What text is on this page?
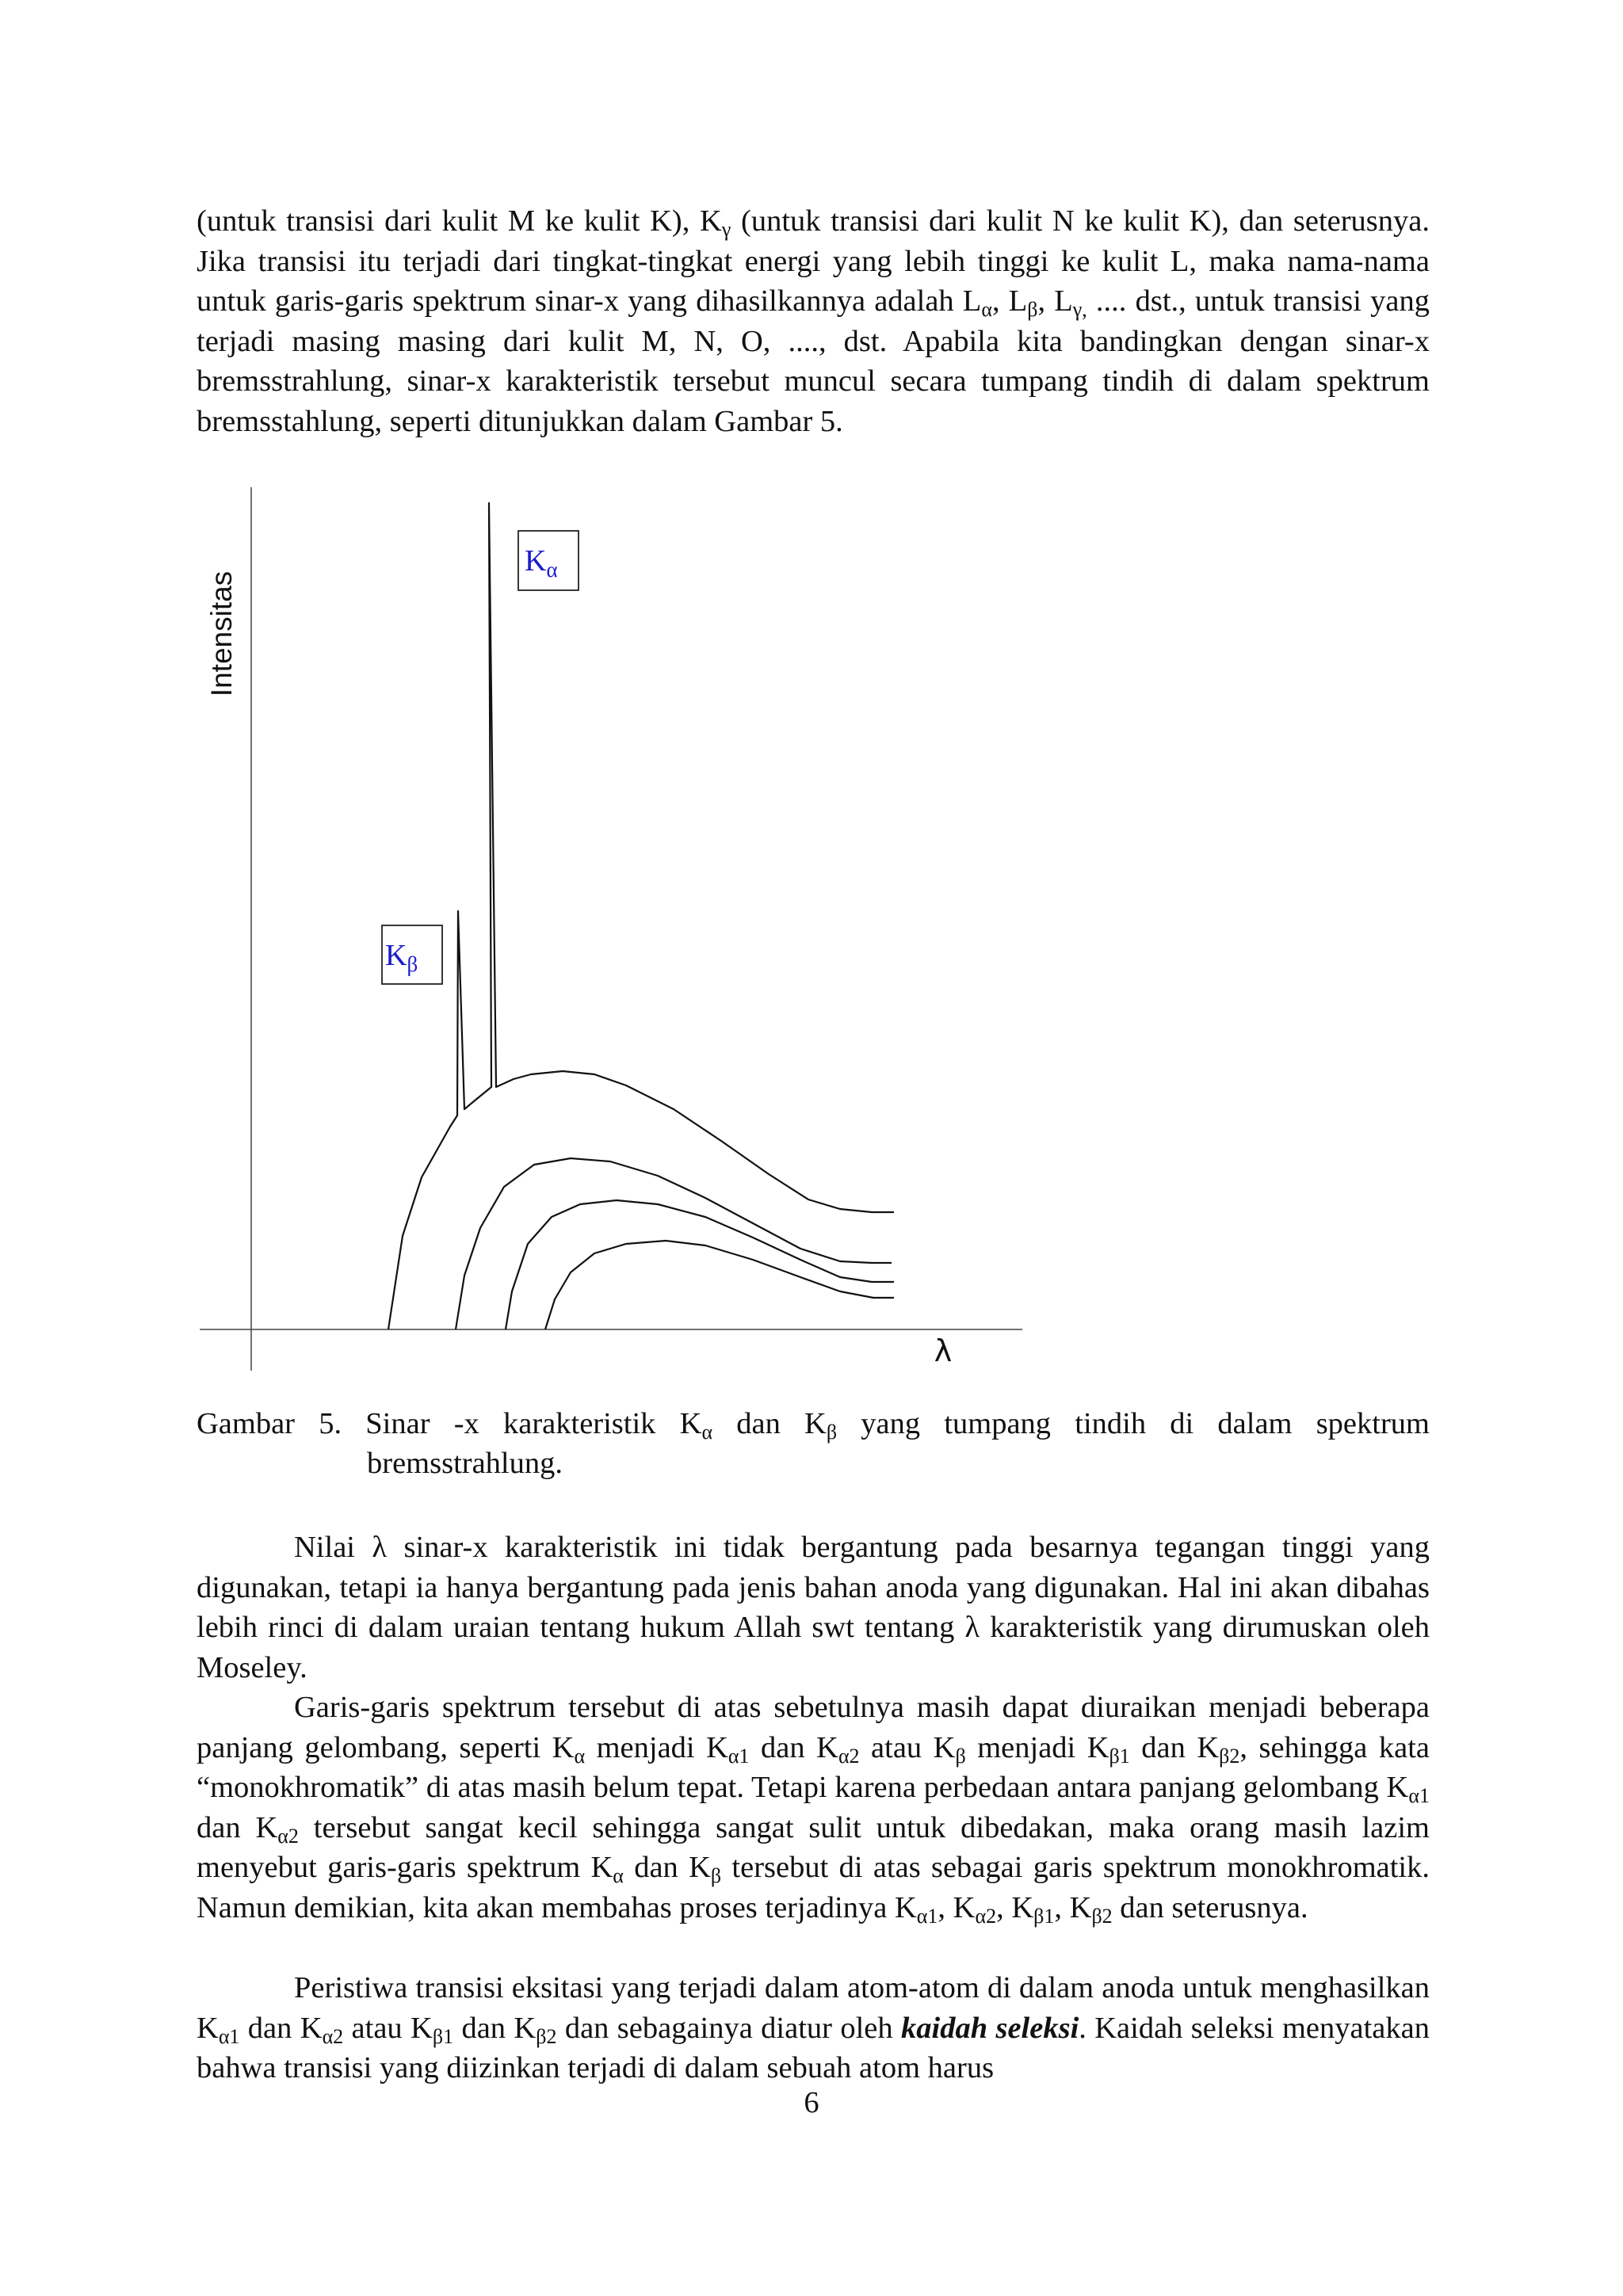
(untuk transisi dari kulit M ke kulit K), $K_\gamma$ (untuk transisi dari kulit N ke kulit K), dan seterusnya. Jika transisi itu terjadi dari tingkat-tingkat energi yang lebih tinggi ke kulit L, maka nama-nama untuk garis-garis spektrum sinar-x yang dihasilkannya adalah $L_\alpha$, $L_\beta$, $L_{\gamma,}$ .... dst., untuk transisi yang terjadi masing masing dari kulit M, N, O, ...., dst. Apabila kita bandingkan dengan sinar-x bremsstrahlung, sinar-x karakteristik tersebut muncul secara tumpang tindih di dalam spektrum bremsstahlung, seperti ditunjukkan dalam Gambar 5.

Intensitas
λ
$K_\alpha$
$K_\beta$
Gambar 5. Sinar -x karakteristik $K_\alpha$ dan $K_\beta$ yang tumpang tindih di dalam spektrum
bremsstrahlung.

Nilai λ sinar-x karakteristik ini tidak bergantung pada besarnya tegangan tinggi yang digunakan, tetapi ia hanya bergantung pada jenis bahan anoda yang digunakan. Hal ini akan dibahas lebih rinci di dalam uraian tentang hukum Allah swt tentang λ karakteristik yang dirumuskan oleh Moseley.

Garis-garis spektrum tersebut di atas sebetulnya masih dapat diuraikan menjadi beberapa panjang gelombang, seperti $K_\alpha$ menjadi $K_{\alpha 1}$ dan $K_{\alpha 2}$ atau $K_\beta$ menjadi $K_{\beta 1}$ dan $K_{\beta 2}$, sehingga kata “monokhromatik” di atas masih belum tepat. Tetapi karena perbedaan antara panjang gelombang $K_{\alpha 1}$ dan $K_{\alpha 2}$ tersebut sangat kecil sehingga sangat sulit untuk dibedakan, maka orang masih lazim menyebut garis-garis spektrum $K_\alpha$ dan $K_\beta$ tersebut di atas sebagai garis spektrum monokhromatik. Namun demikian, kita akan membahas proses terjadinya $K_{\alpha 1}$, $K_{\alpha 2}$, $K_{\beta 1}$, $K_{\beta 2}$ dan seterusnya.

Peristiwa transisi eksitasi yang terjadi dalam atom-atom di dalam anoda untuk menghasilkan $K_{\alpha 1}$ dan $K_{\alpha 2}$ atau $K_{\beta 1}$ dan $K_{\beta 2}$ dan sebagainya diatur oleh kaidah seleksi. Kaidah seleksi menyatakan bahwa transisi yang diizinkan terjadi di dalam sebuah atom harus

6
